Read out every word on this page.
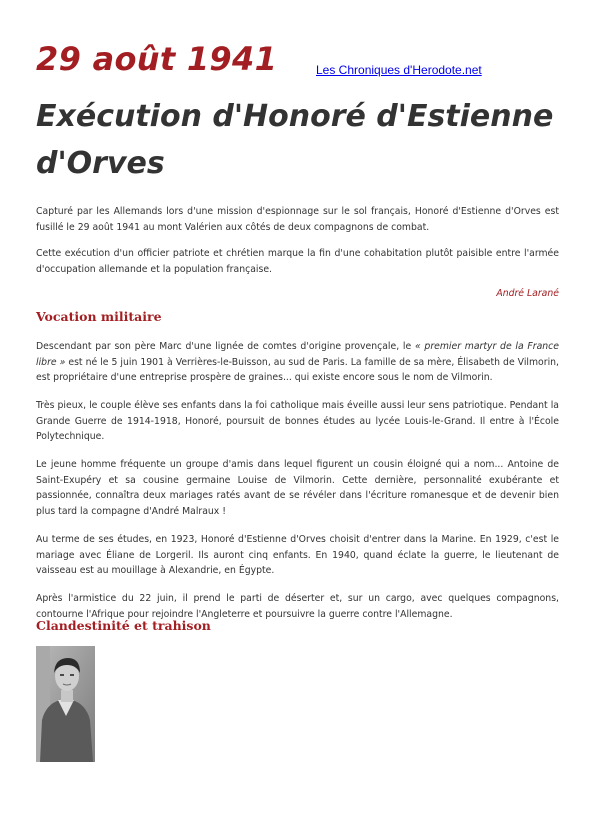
29 août 1941	Les Chroniques d'Herodote.net
Exécution d'Honoré d'Estienne d'Orves

Capturé par les Allemands lors d'une mission d'espionnage sur le sol français, Honoré d'Estienne d'Orves est fusillé le 29 août 1941 au mont Valérien aux côtés de deux compagnons de combat.

Cette exécution d'un officier patriote et chrétien marque la fin d'une cohabitation plutôt paisible entre l'armée d'occupation allemande et la population française.

André Larané
Vocation militaire

Descendant par son père Marc d'une lignée de comtes d'origine provençale, le « premier martyr de la France libre » est né le 5 juin 1901 à Verrières-le-Buisson, au sud de Paris. La famille de sa mère, Élisabeth de Vilmorin, est propriétaire d'une entreprise prospère de graines... qui existe encore sous le nom de Vilmorin.

Très pieux, le couple élève ses enfants dans la foi catholique mais éveille aussi leur sens patriotique. Pendant la Grande Guerre de 1914-1918, Honoré, poursuit de bonnes études au lycée Louis-le-Grand. Il entre à l'École Polytechnique.

Le jeune homme fréquente un groupe d'amis dans lequel figurent un cousin éloigné qui a nom... Antoine de Saint-Exupéry et sa cousine germaine Louise de Vilmorin. Cette dernière, personnalité exubérante et passionnée, connaîtra deux mariages ratés avant de se révéler dans l'écriture romanesque et de devenir bien plus tard la compagne d'André Malraux !

Au terme de ses études, en 1923, Honoré d'Estienne d'Orves choisit d'entrer dans la Marine. En 1929, c'est le mariage avec Éliane de Lorgeril. Ils auront cinq enfants. En 1940, quand éclate la guerre, le lieutenant de vaisseau est au mouillage à Alexandrie, en Égypte.

Après l'armistice du 22 juin, il prend le parti de déserter et, sur un cargo, avec quelques compagnons, contourne l'Afrique pour rejoindre l'Angleterre et poursuivre la guerre contre l'Allemagne.

Clandestinité et trahison
